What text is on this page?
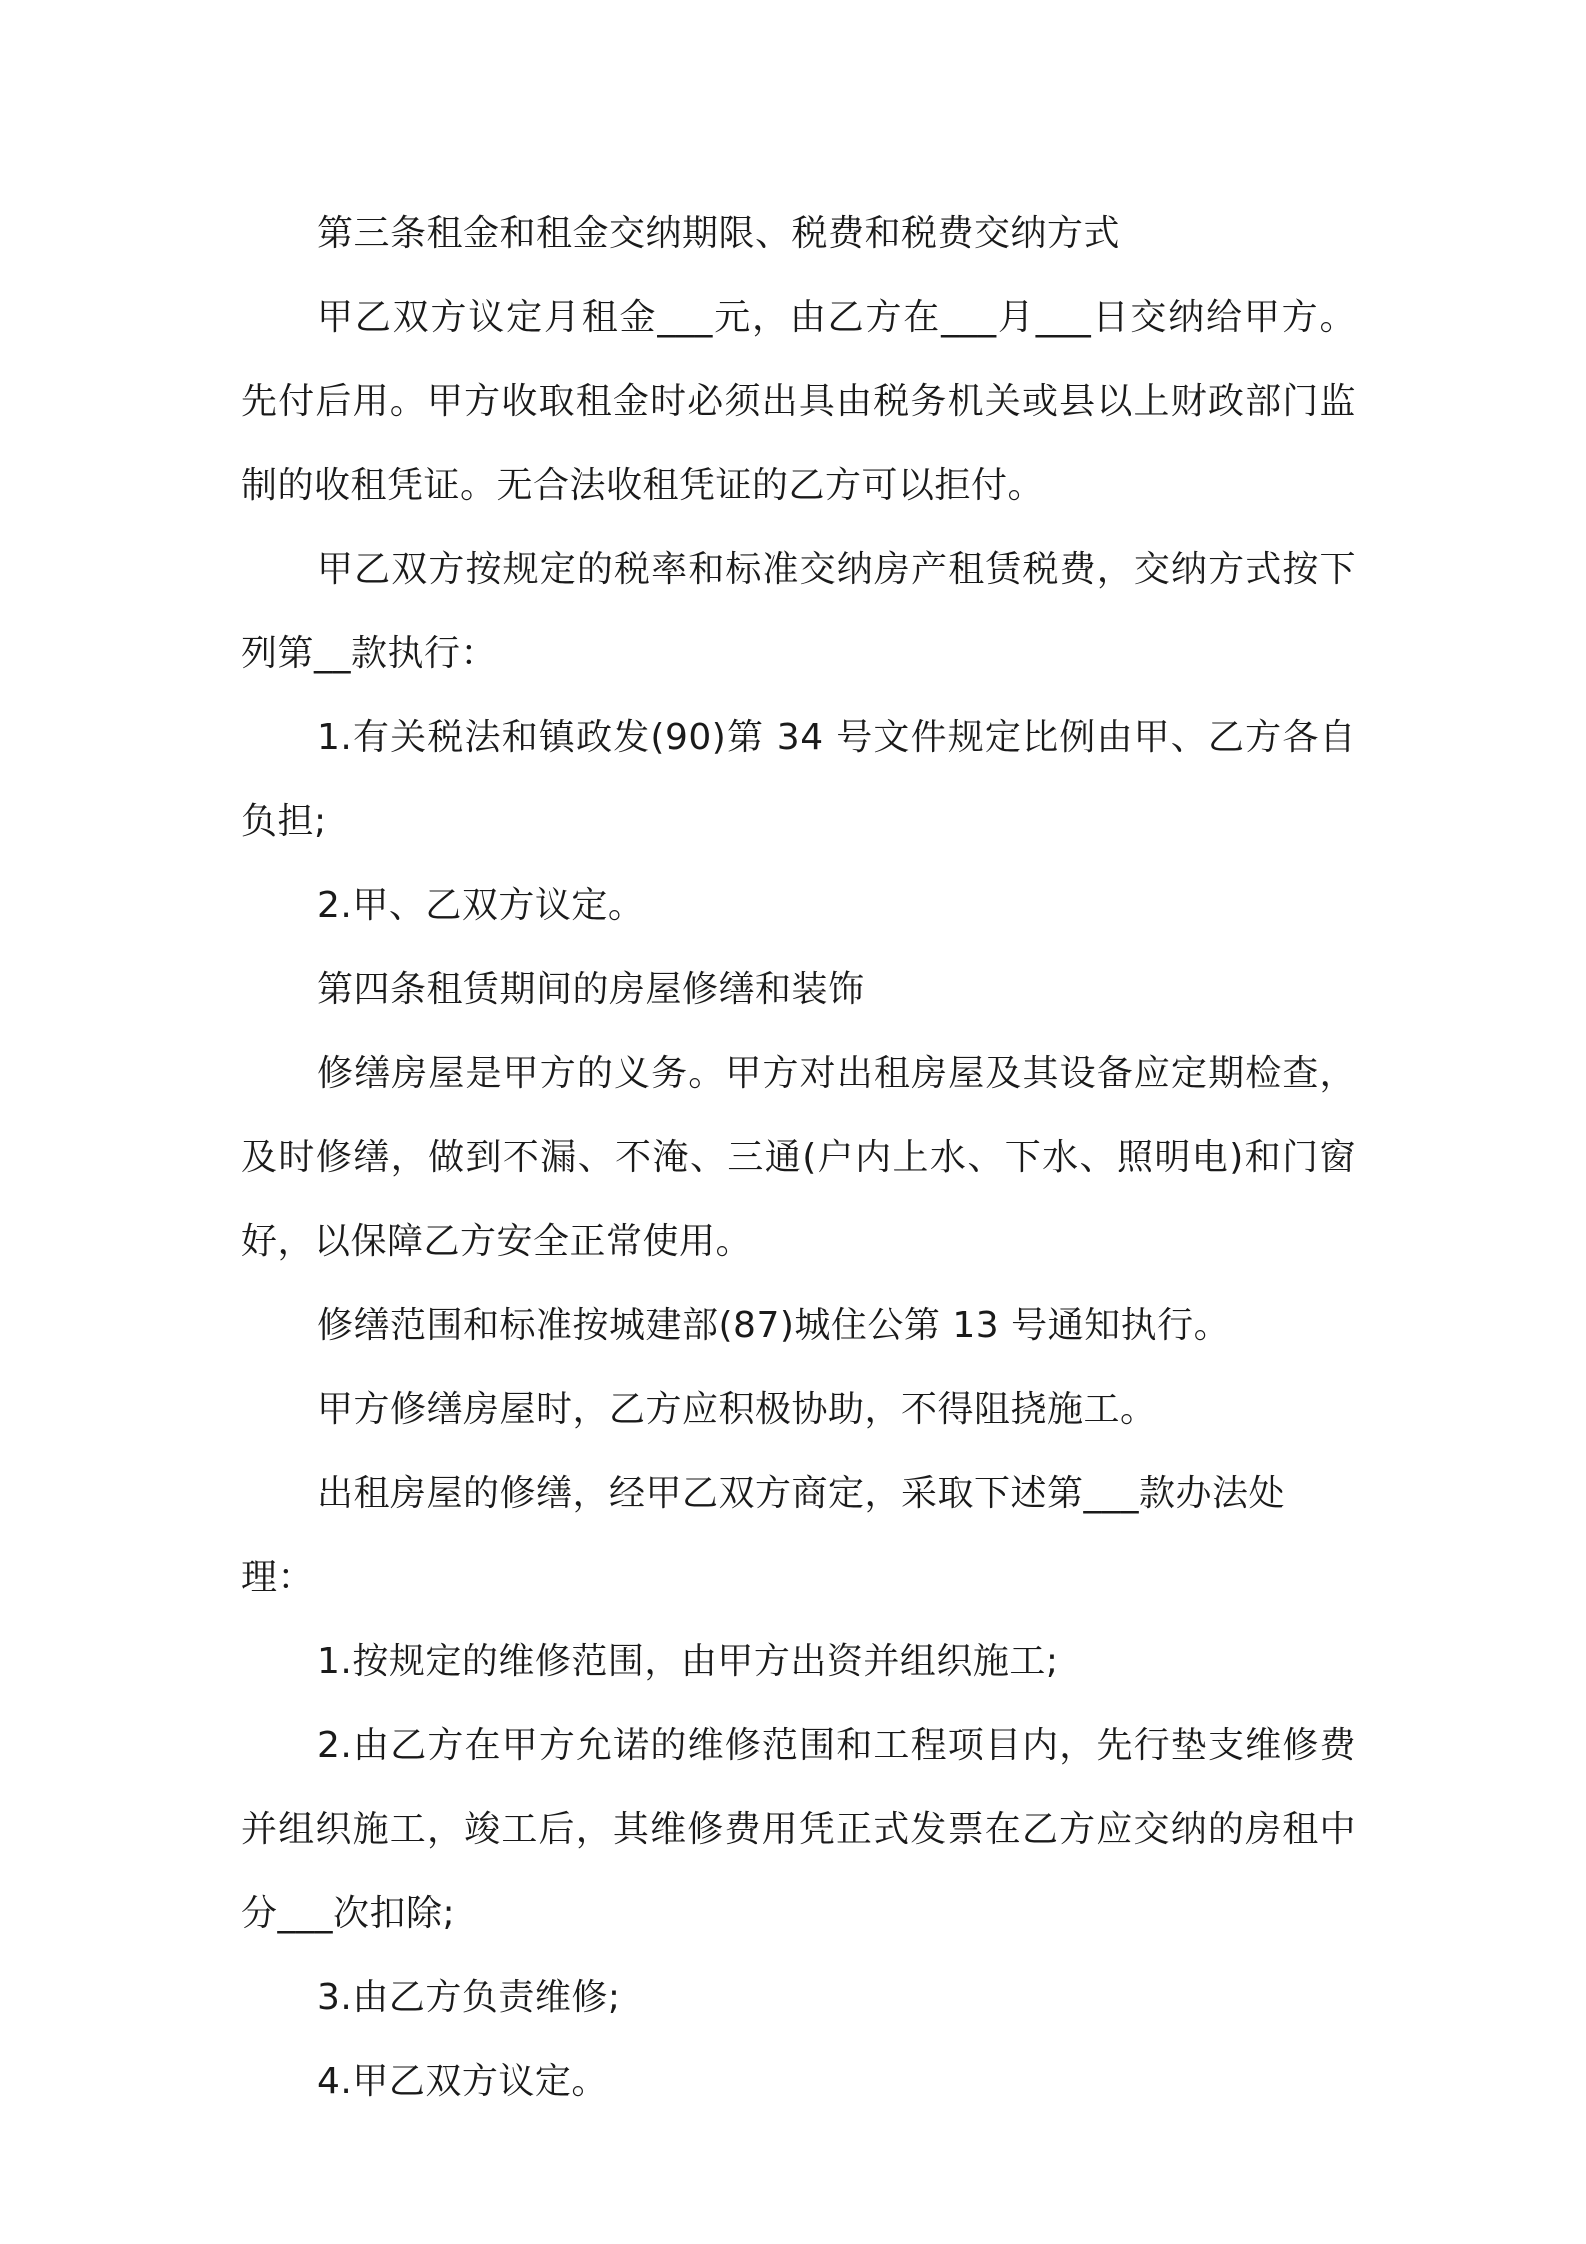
第三条租金和租金交纳期限、税费和税费交纳方式

甲乙双方议定月租金___元，由乙方在___月___日交纳给甲方。先付后用。甲方收取租金时必须出具由税务机关或县以上财政部门监制的收租凭证。无合法收租凭证的乙方可以拒付。

甲乙双方按规定的税率和标准交纳房产租赁税费，交纳方式按下列第__款执行：

1.有关税法和镇政发(90)第 34 号文件规定比例由甲、乙方各自负担;

2.甲、乙双方议定。

第四条租赁期间的房屋修缮和装饰

修缮房屋是甲方的义务。甲方对出租房屋及其设备应定期检查，及时修缮，做到不漏、不淹、三通(户内上水、下水、照明电)和门窗好，以保障乙方安全正常使用。

修缮范围和标准按城建部(87)城住公第 13 号通知执行。

甲方修缮房屋时，乙方应积极协助，不得阻挠施工。

出租房屋的修缮，经甲乙双方商定，采取下述第___款办法处理：

1.按规定的维修范围，由甲方出资并组织施工;

2.由乙方在甲方允诺的维修范围和工程项目内，先行垫支维修费并组织施工，竣工后，其维修费用凭正式发票在乙方应交纳的房租中分___次扣除;

3.由乙方负责维修;

4.甲乙双方议定。
